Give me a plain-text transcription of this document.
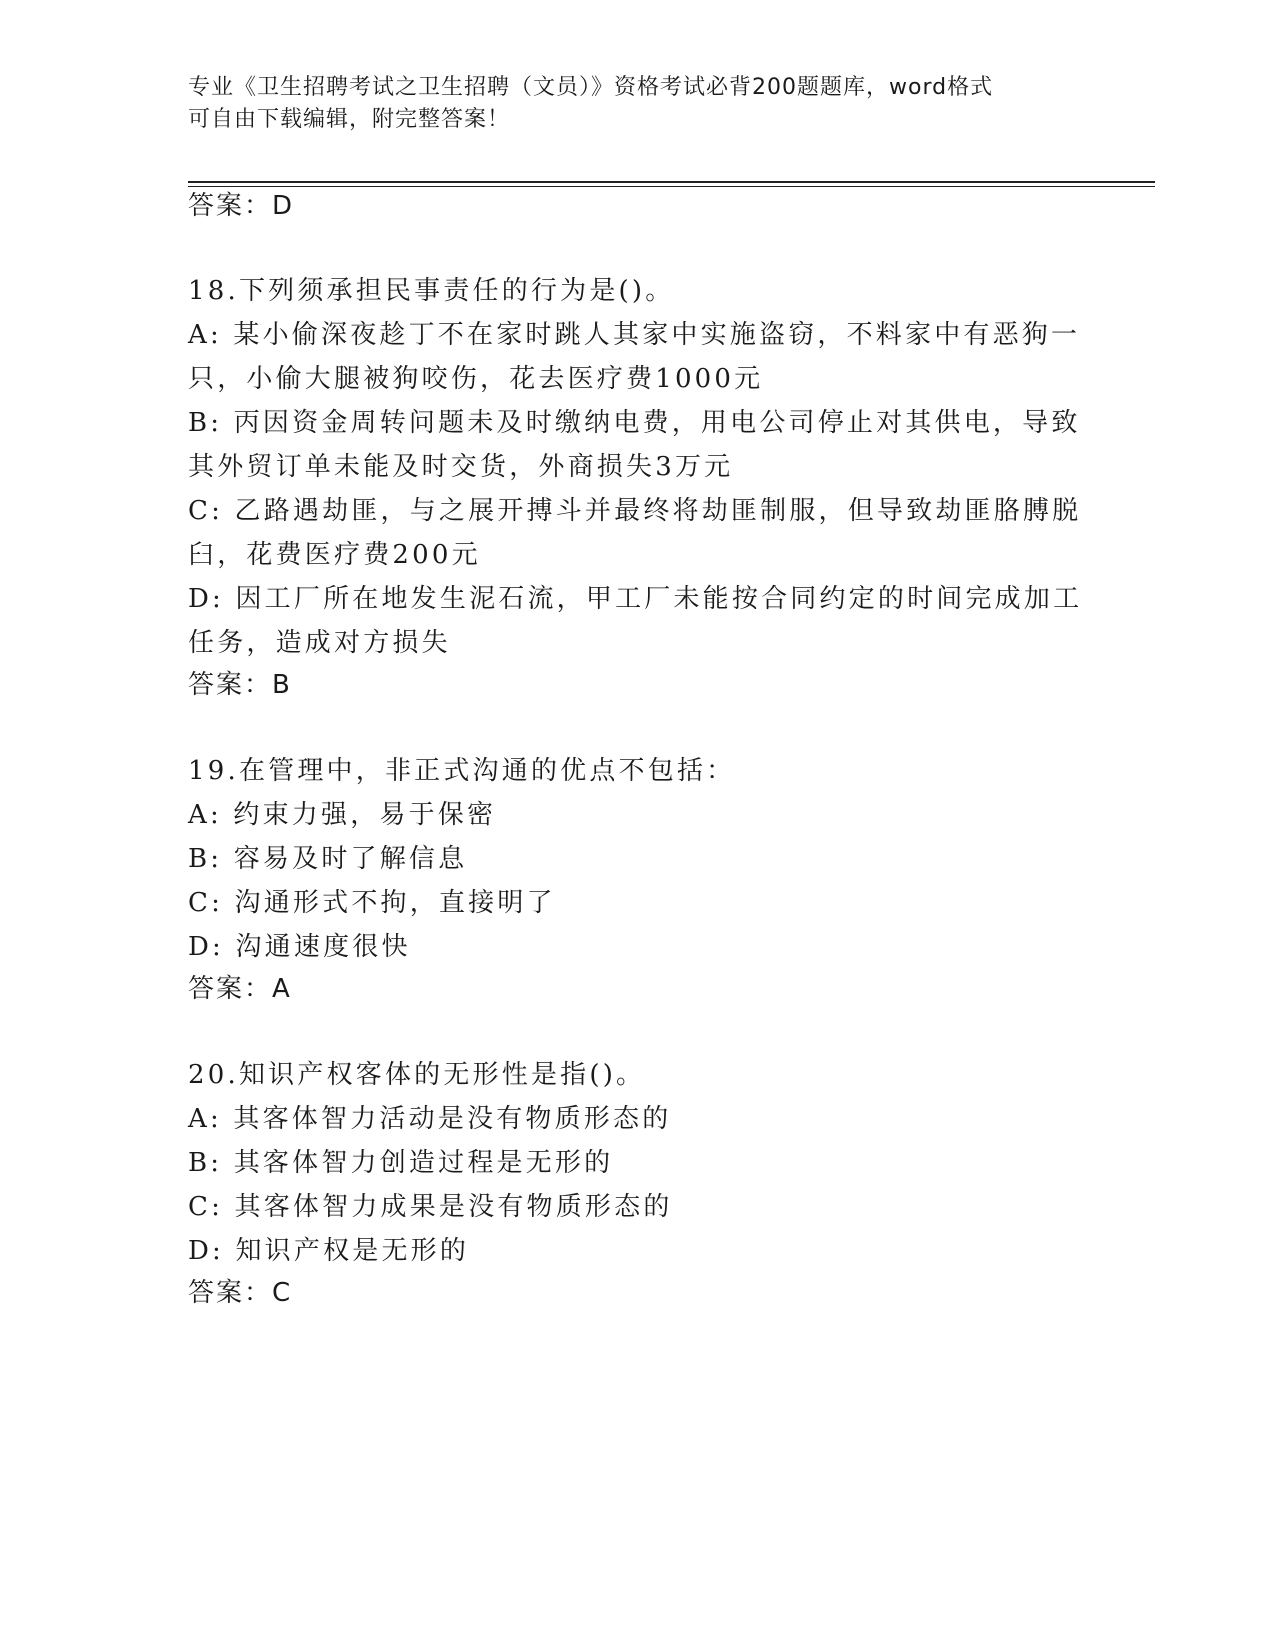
专业《卫生招聘考试之卫生招聘（文员）》资格考试必背200题题库，word格式
可自由下载编辑，附完整答案！
答案：D
18.下列须承担民事责任的行为是()。
A: 某小偷深夜趁丁不在家时跳人其家中实施盗窃，不料家中有恶狗一
只，小偷大腿被狗咬伤，花去医疗费1000元
B: 丙因资金周转问题未及时缴纳电费，用电公司停止对其供电，导致
其外贸订单未能及时交货，外商损失3万元
C: 乙路遇劫匪，与之展开搏斗并最终将劫匪制服，但导致劫匪胳膊脱
臼，花费医疗费200元
D: 因工厂所在地发生泥石流，甲工厂未能按合同约定的时间完成加工
任务，造成对方损失
答案：B
19.在管理中，非正式沟通的优点不包括：
A: 约束力强，易于保密
B: 容易及时了解信息
C: 沟通形式不拘，直接明了
D: 沟通速度很快
答案：A
20.知识产权客体的无形性是指()。
A: 其客体智力活动是没有物质形态的
B: 其客体智力创造过程是无形的
C: 其客体智力成果是没有物质形态的
D: 知识产权是无形的
答案：C
